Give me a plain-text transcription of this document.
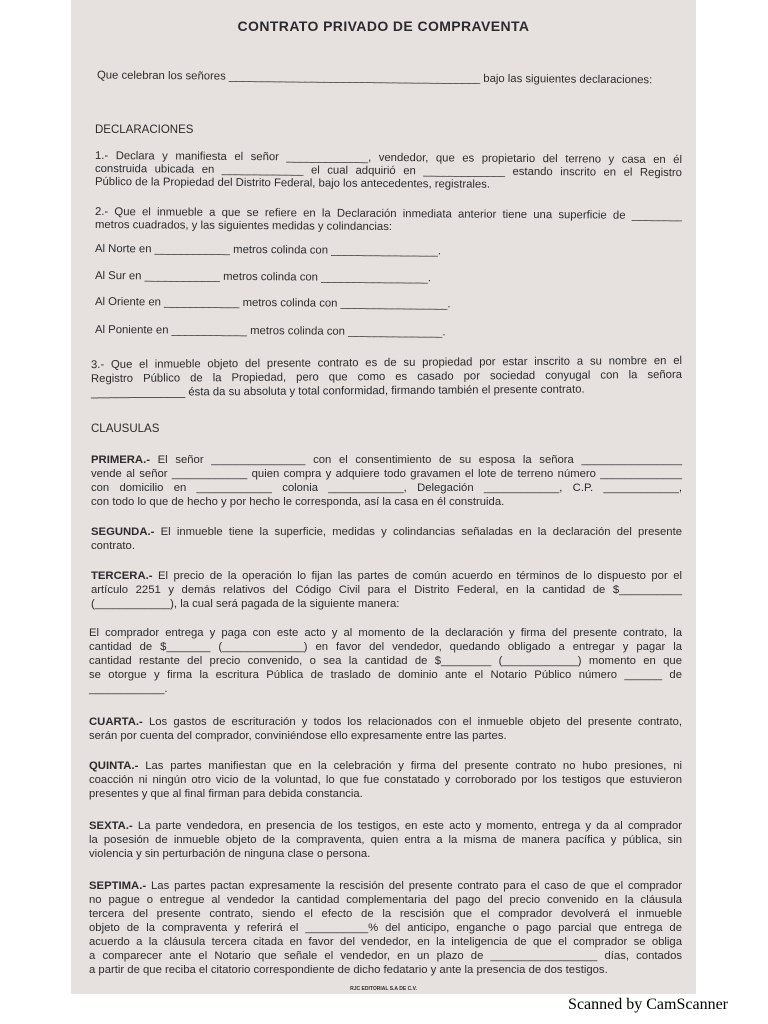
CONTRATO PRIVADO DE COMPRAVENTA
Que celebran los señores ________________________________________ bajo las siguientes declaraciones:
DECLARACIONES
1.- Declara y manifiesta el señor _____________, vendedor, que es propietario del terreno y casa en él
construida ubicada en _____________ el cual adquirió en _____________ estando inscrito en el Registro
Público de la Propiedad del Distrito Federal, bajo los antecedentes, registrales.
2.- Que el inmueble a que se refiere en la Declaración inmediata anterior tiene una superficie de ________
metros cuadrados, y las siguientes medidas y colindancias:
Al Norte en ____________ metros colinda con _________________.
Al Sur en ____________ metros colinda con _________________.
Al Oriente en ____________ metros colinda con _________________.
Al Poniente en ____________ metros colinda con _______________.
3.- Que el inmueble objeto del presente contrato es de su propiedad por estar inscrito a su nombre en el
Registro Público de la Propiedad, pero que como es casado por sociedad conyugal con la señora
_______________ ésta da su absoluta y total conformidad, firmando también el presente contrato.
CLAUSULAS
PRIMERA.- El señor _______________ con el consentimiento de su esposa la señora ________________
vende al señor ____________ quien compra y adquiere todo gravamen el lote de terreno número _____________
con domicilio en ____________ colonia ____________, Delegación ____________, C.P. ____________,
con todo lo que de hecho y por hecho le corresponda, así la casa en él construida.
SEGUNDA.- El inmueble tiene la superficie, medidas y colindancias señaladas en la declaración del presente
contrato.
TERCERA.- El precio de la operación lo fijan las partes de común acuerdo en términos de lo dispuesto por el
artículo 2251 y demás relativos del Código Civil para el Distrito Federal, en la cantidad de $__________
(____________), la cual será pagada de la siguiente manera:
El comprador entrega y paga con este acto y al momento de la declaración y firma del presente contrato, la
cantidad de $_______ (_____________) en favor del vendedor, quedando obligado a entregar y pagar la
cantidad restante del precio convenido, o sea la cantidad de $________ (____________) momento en que
se otorgue y firma la escritura Pública de traslado de dominio ante el Notario Público número ______ de
____________.
CUARTA.- Los gastos de escrituración y todos los relacionados con el inmueble objeto del presente contrato,
serán por cuenta del comprador, conviniéndose ello expresamente entre las partes.
QUINTA.- Las partes manifiestan que en la celebración y firma del presente contrato no hubo presiones, ni
coacción ni ningún otro vicio de la voluntad, lo que fue constatado y corroborado por los testigos que estuvieron
presentes y que al final firman para debida constancia.
SEXTA.- La parte vendedora, en presencia de los testigos, en este acto y momento, entrega y da al comprador
la posesión de inmueble objeto de la compraventa, quien entra a la misma de manera pacífica y pública, sin
violencia y sin perturbación de ninguna clase o persona.
SEPTIMA.- Las partes pactan expresamente la rescisión del presente contrato para el caso de que el comprador
no pague o entregue al vendedor la cantidad complementaria del pago del precio convenido en la cláusula
tercera del presente contrato, siendo el efecto de la rescisión que el comprador devolverá el inmueble
objeto de la compraventa y referirá el __________% del anticipo, enganche o pago parcial que entrega de
acuerdo a la cláusula tercera citada en favor del vendedor, en la inteligencia de que el comprador se obliga
a comparecer ante el Notario que señale el vendedor, en un plazo de _________________ días, contados
a partir de que reciba el citatorio correspondiente de dicho fedatario y ante la presencia de dos testigos.
RJC EDITORIAL S.A DE C.V.
Scanned by CamScanner
